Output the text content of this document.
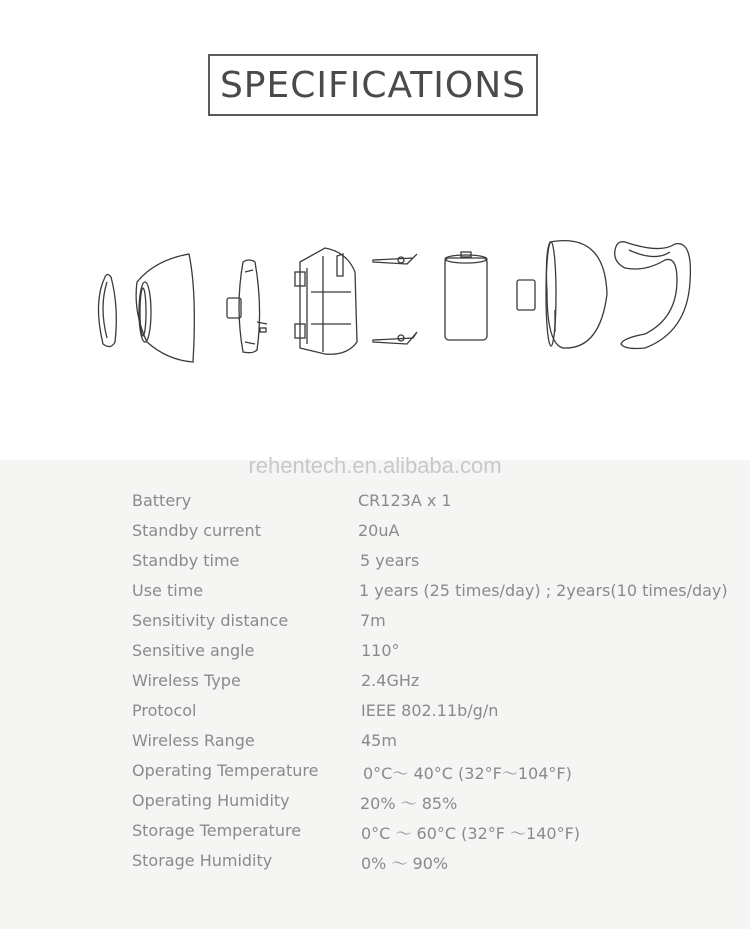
SPECIFICATIONS
rehentech.en.alibaba.com
Battery	CR123A x 1
Standby current	20uA
Standby time	5 years
Use time	1 years (25 times/day) ; 2years(10 times/day)
Sensitivity distance	7m
Sensitive angle	110°
Wireless Type	2.4GHz
Protocol	IEEE 802.11b/g/n
Wireless Range	45m
Operating Temperature	0°C～ 40°C (32°F～104°F)
Operating Humidity	20% ～ 85%
Storage Temperature	0°C ～ 60°C (32°F ～140°F)
Storage Humidity	0% ～ 90%
